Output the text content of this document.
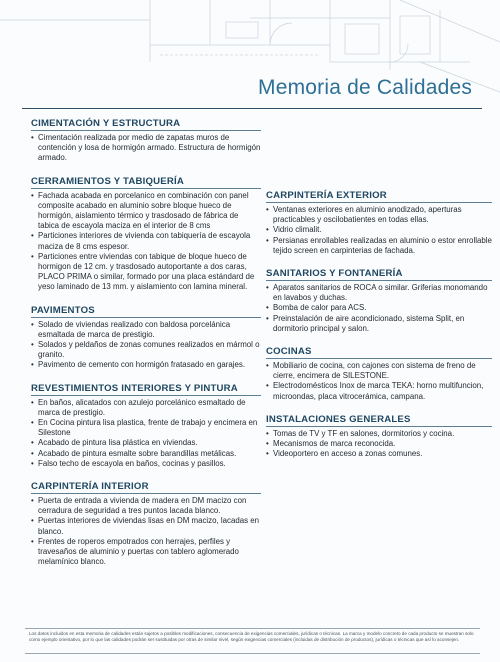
Memoria de Calidades
CIMENTACIÓN Y ESTRUCTURA
• Cimentación realizada por medio de zapatas muros de contención y losa de hormigón armado. Estructura de hormigón armado.
CERRAMIENTOS Y TABIQUERÍA
• Fachada acabada en porcelanico en combinación con panel composite acabado en aluminio sobre bloque hueco de hormigón, aislamiento térmico y trasdosado de fábrica de tabica de escayola maciza en el interior de 8 cms
• Particiones interiores de vivienda con tabiquería de escayola maciza de 8 cms espesor.
• Particiones entre viviendas con tabique de bloque hueco de hormigon de 12 cm. y trasdosado autoportante a dos caras, PLACO PRIMA o similar, formado por una placa estándard de yeso laminado de 13 mm. y aislamiento con lamina mineral.
PAVIMENTOS
• Solado de viviendas realizado con baldosa porcelánica esmaltada de marca de prestigio.
• Solados y peldaños de zonas comunes realizados en mármol o granito.
• Pavimento de cemento con hormigón fratasado en garajes.
REVESTIMIENTOS INTERIORES Y PINTURA
• En baños, alicatados con azulejo porcelánico esmaltado de marca de prestigio.
• En Cocina pintura lisa plastica, frente de trabajo y encimera en Silestone
• Acabado de pintura lisa plástica en viviendas.
• Acabado de pintura esmalte sobre barandillas metálicas.
• Falso techo de escayola en baños, cocinas y pasillos.
CARPINTERÍA INTERIOR
• Puerta de entrada a vivienda de madera en DM macizo con cerradura de seguridad a tres puntos lacada blanco.
• Puertas interiores de viviendas lisas en DM macizo, lacadas en blanco.
• Frentes de roperos empotrados con herrajes, perfiles y travesaños de aluminio y puertas con tablero aglomerado melamínico blanco.
CARPINTERÍA EXTERIOR
• Ventanas exteriores en aluminio anodizado, aperturas practicables y oscilobatientes en todas ellas.
• Vidrio climalit.
• Persianas enrollables realizadas en aluminio o estor enrollable tejido screen en carpinterias de fachada.
SANITARIOS Y FONTANERÍA
• Aparatos sanitarios de ROCA o similar. Griferias monomando en lavabos y duchas.
• Bomba de calor para ACS.
• Preinstalación de aire acondicionado, sistema Split, en dormitorio principal y salon.
COCINAS
• Mobiliario de cocina, con cajones con sistema de freno de cierre, encimera de SILESTONE.
• Electrodomésticos Inox de marca TEKA: horno multifuncion, microondas, placa vitrocerámica, campana.
INSTALACIONES GENERALES
• Tomas de TV y TF en salones, dormitorios y cocina.
• Mecanismos de marca reconocida.
• Videoportero en acceso a zonas comunes.
Los datos incluidos en esta memoria de calidades están sujetos a posibles modificaciones, consecuencia de exigencias comerciales, jurídicas o técnicas. La marca y modelo concreto de cada producto se muestran solo como ejemplo orientativo, por lo que las calidades podrán ser sustituidas por otras de similar nivel, según exigencias comerciales (incluidas de distribución de productos), jurídicas o técnicas que así lo aconsejen.
